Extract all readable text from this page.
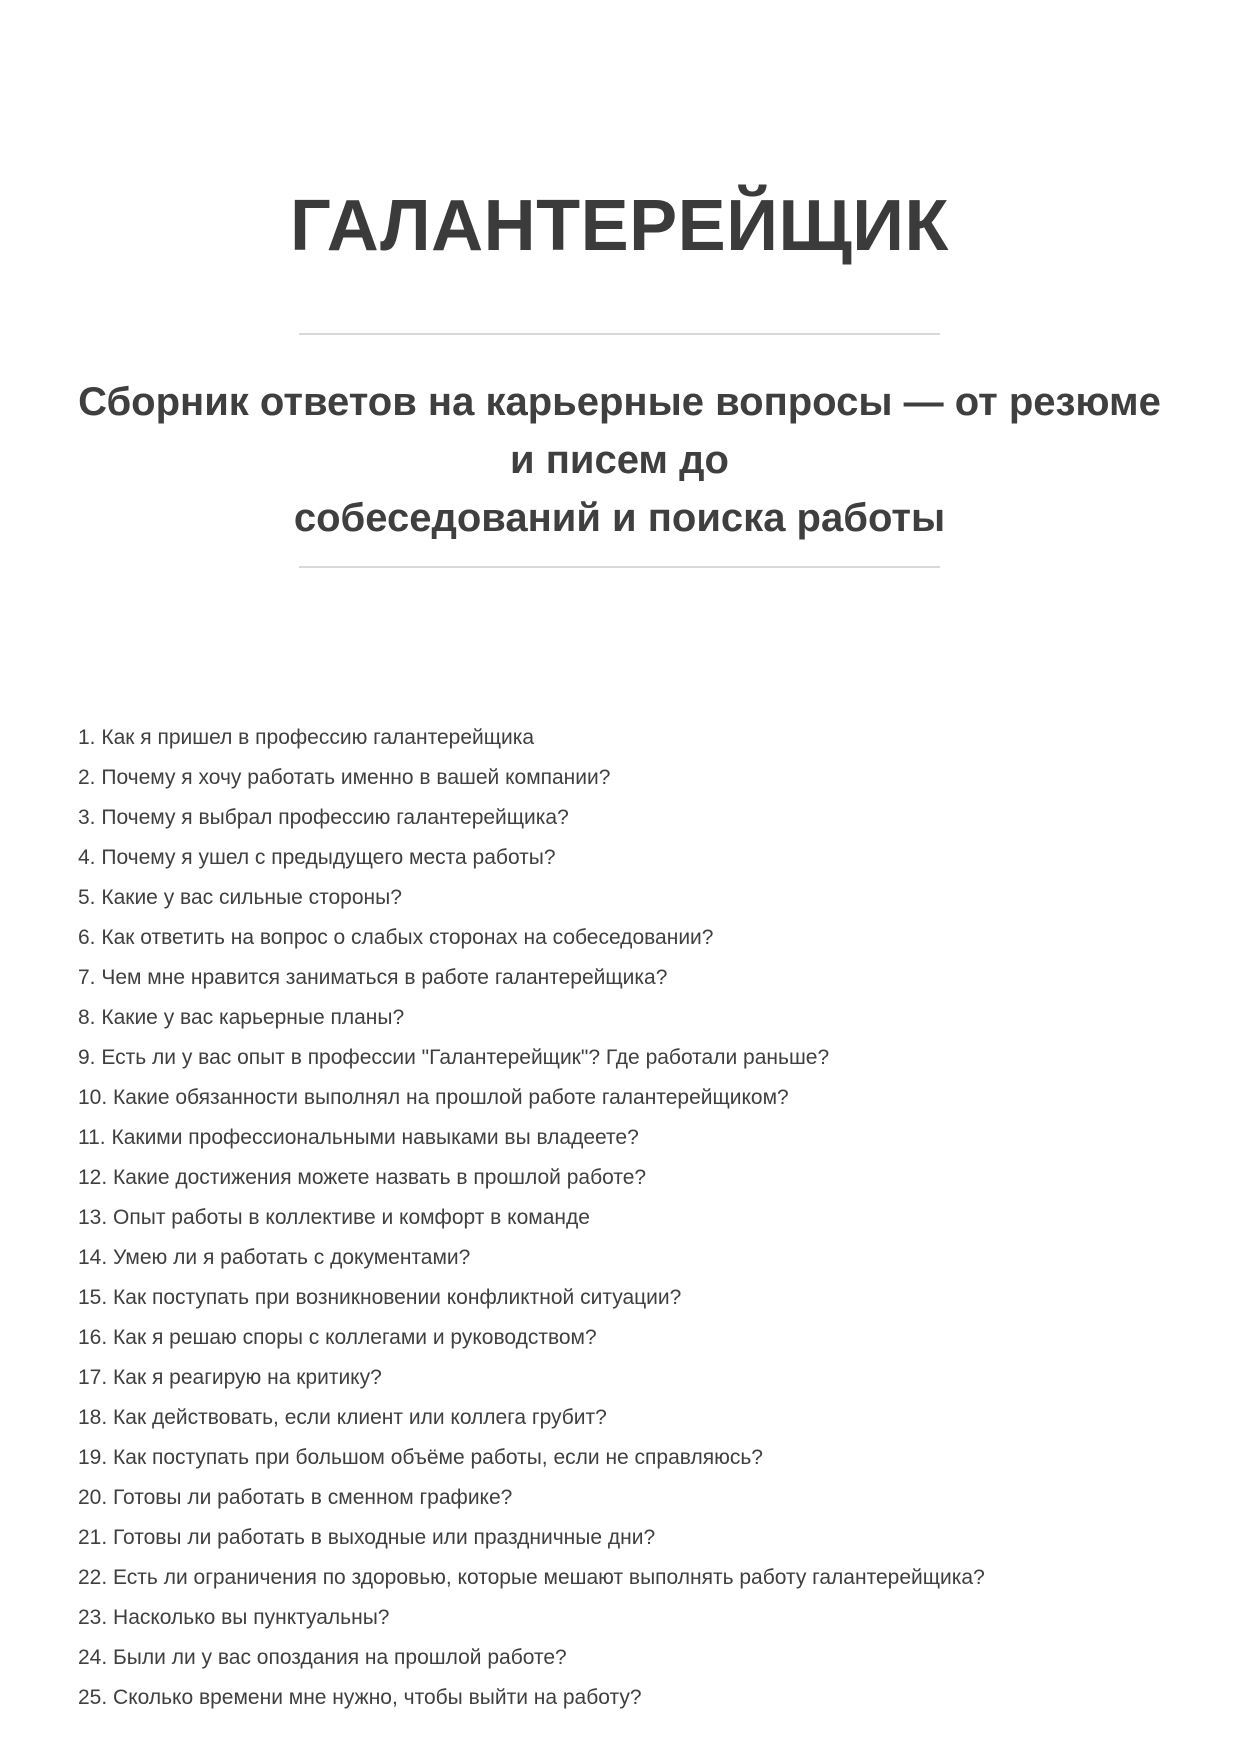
ГАЛАНТЕРЕЙЩИК
Сборник ответов на карьерные вопросы — от резюме и писем до
собеседований и поиска работы

1. Как я пришел в профессию галантерейщика

2. Почему я хочу работать именно в вашей компании?

3. Почему я выбрал профессию галантерейщика?

4. Почему я ушел с предыдущего места работы?

5. Какие у вас сильные стороны?

6. Как ответить на вопрос о слабых сторонах на собеседовании?

7. Чем мне нравится заниматься в работе галантерейщика?

8. Какие у вас карьерные планы?

9. Есть ли у вас опыт в профессии "Галантерейщик"? Где работали раньше?

10. Какие обязанности выполнял на прошлой работе галантерейщиком?

11. Какими профессиональными навыками вы владеете?

12. Какие достижения можете назвать в прошлой работе?

13. Опыт работы в коллективе и комфорт в команде

14. Умею ли я работать с документами?

15. Как поступать при возникновении конфликтной ситуации?

16. Как я решаю споры с коллегами и руководством?

17. Как я реагирую на критику?

18. Как действовать, если клиент или коллега грубит?

19. Как поступать при большом объёме работы, если не справляюсь?

20. Готовы ли работать в сменном графике?

21. Готовы ли работать в выходные или праздничные дни?

22. Есть ли ограничения по здоровью, которые мешают выполнять работу галантерейщика?

23. Насколько вы пунктуальны?

24. Были ли у вас опоздания на прошлой работе?

25. Сколько времени мне нужно, чтобы выйти на работу?
